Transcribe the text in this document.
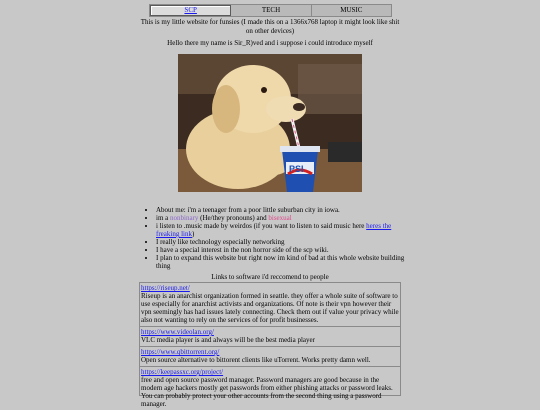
SCP	TECH	MUSIC
This is my little website for funsies (I made this on a 1366x768 laptop it might look like shit on other devices)
Hello there my name is Sir_R)ved and i suppose i could introduce myself
PSI
• About me: i'm a teenager from a poor little suburban city in iowa.
• im a nonbinary (He/they pronouns) and bisexual
• i listen to .music made by weirdos (if you want to listen to said music here heres the freaking link)
• I really like technology especially networking
• I have a special interest in the non horror side of the scp wiki.
• I plan to expand this website but right now im kind of bad at this whole website building thing
Links to software i'd reccomend to people
https://riseup.net/
Riseup is an anarchist organization formed in seattle. they offer a whole suite of software to use especially for anarchist activists and organizations. Of note is their vpn however their vpn seemingly has had issues lately connecting. Check them out if value your privacy while also not wanting to rely on the services of for profit businesses.
https://www.videolan.org/
VLC media player is and always will be the best media player
https://www.qbittorrent.org/
Open source alternative to bittorent clients like uTorrent. Works pretty damn well.
https://keepassxc.org/project/
free and open source password manager. Password managers are good because in the modern age hackers mostly get passwords from either phishing attacks or password leaks. You can probably protect your other accounts from the second thing using a password manager.
